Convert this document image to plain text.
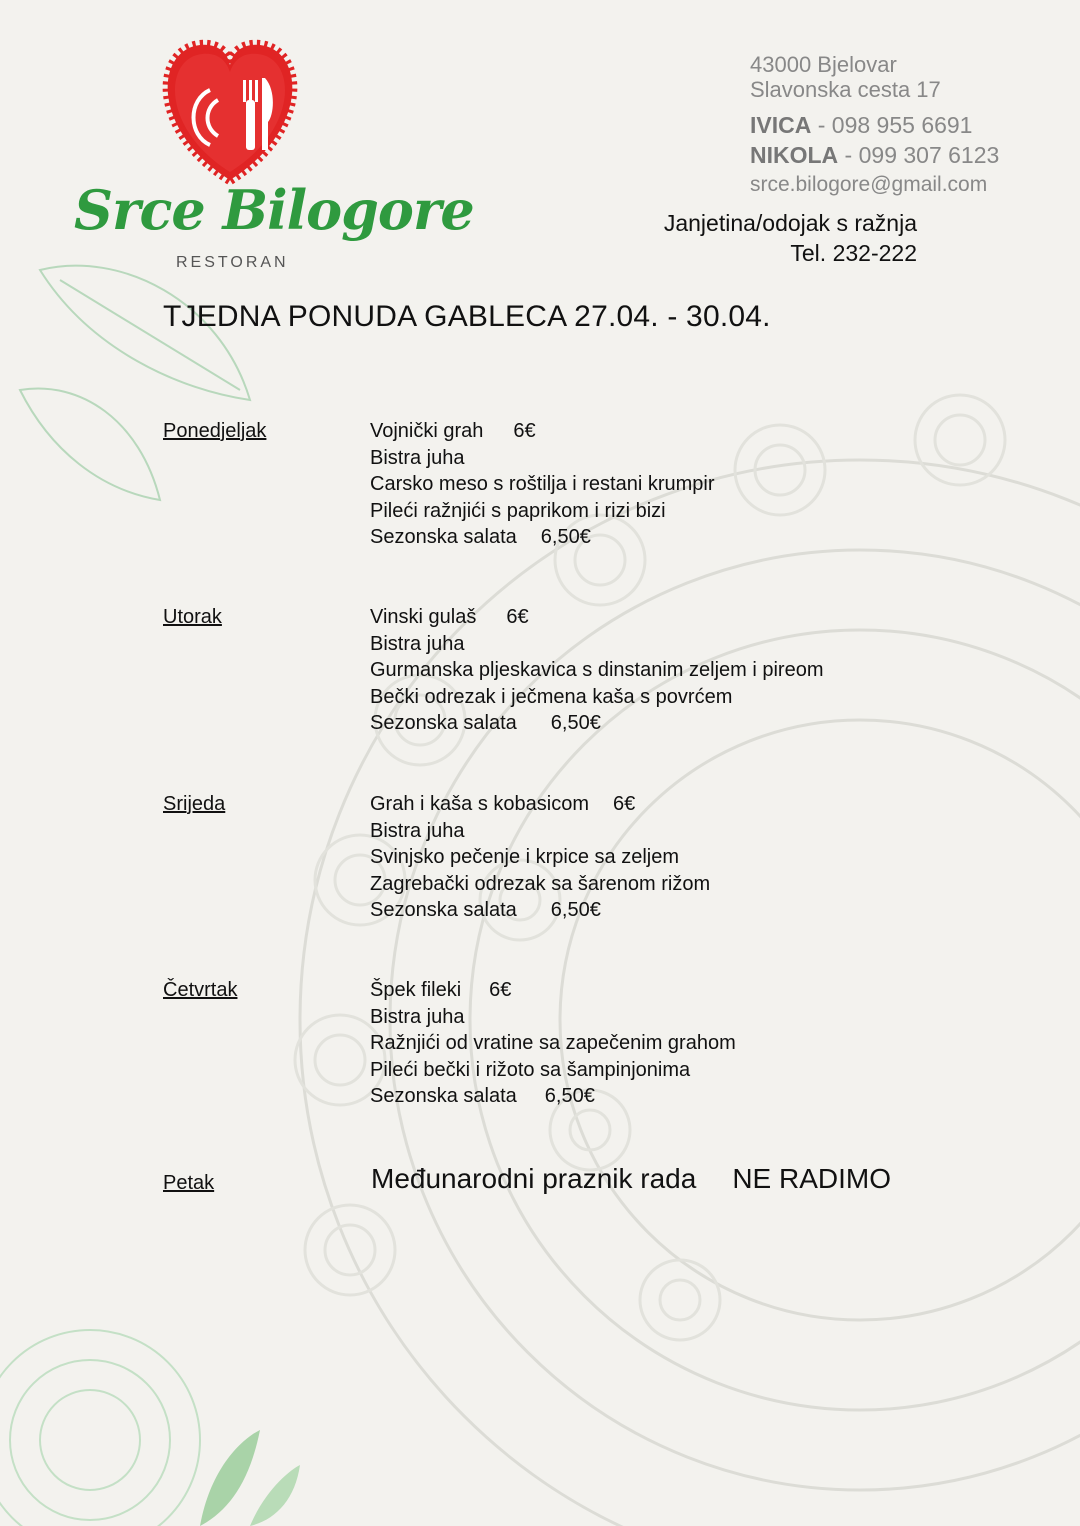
Srce Bilogore
RESTORAN
43000 Bjelovar
Slavonska cesta 17
IVICA - 098 955 6691
NIKOLA - 099 307 6123
srce.bilogore@gmail.com
Janjetina/odojak s ražnja
Tel. 232-222
TJEDNA PONUDA GABLECA 27.04. - 30.04.
Ponedjeljak	Vojnički grah 6€
Bistra juha
Carsko meso s roštilja i restani krumpir
Pileći ražnjići s paprikom i rizi bizi
Sezonska salata 6,50€
Utorak	Vinski gulaš 6€
Bistra juha
Gurmanska pljeskavica s dinstanim zeljem i pireom
Bečki odrezak i ječmena kaša s povrćem
Sezonska salata 6,50€
Srijeda	Grah i kaša s kobasicom 6€
Bistra juha
Svinjsko pečenje i krpice sa zeljem
Zagrebački odrezak sa šarenom rižom
Sezonska salata 6,50€
Četvrtak	Špek fileki 6€
Bistra juha
Ražnjići od vratine sa zapečenim grahom
Pileći bečki i rižoto sa šampinjonima
Sezonska salata 6,50€
Petak	Međunarodni praznik rada NE RADIMO
